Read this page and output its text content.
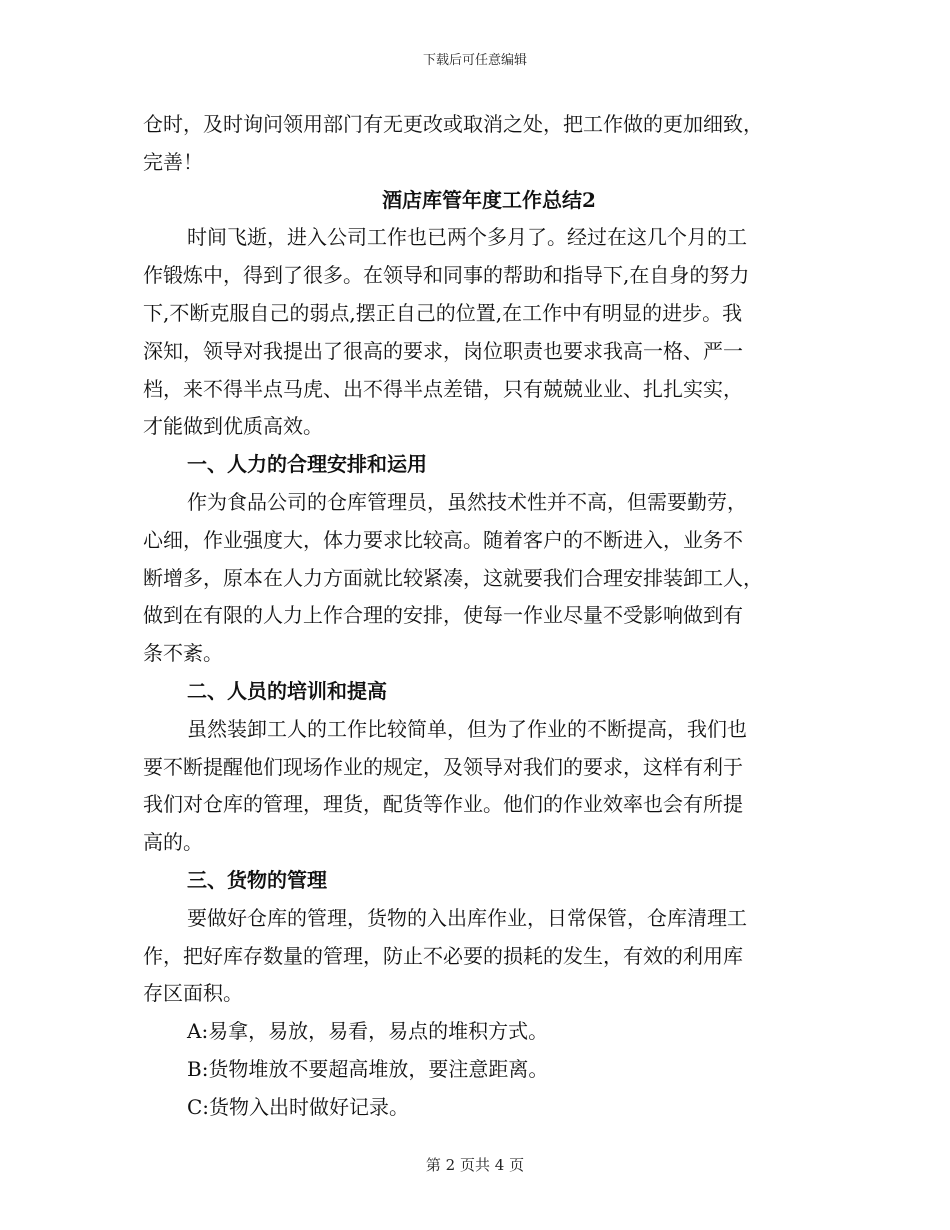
下载后可任意编辑
仓时，及时询问领用部门有无更改或取消之处，把工作做的更加细致，
完善！
酒店库管年度工作总结2
时间飞逝，进入公司工作也已两个多月了。经过在这几个月的工
作锻炼中，得到了很多。在领导和同事的帮助和指导下,在自身的努力
下,不断克服自己的弱点,摆正自己的位置,在工作中有明显的进步。我
深知，领导对我提出了很高的要求，岗位职责也要求我高一格、严一
档，来不得半点马虎、出不得半点差错，只有兢兢业业、扎扎实实，
才能做到优质高效。
一、人力的合理安排和运用
作为食品公司的仓库管理员，虽然技术性并不高，但需要勤劳，
心细，作业强度大，体力要求比较高。随着客户的不断进入，业务不
断增多，原本在人力方面就比较紧凑，这就要我们合理安排装卸工人，
做到在有限的人力上作合理的安排，使每一作业尽量不受影响做到有
条不紊。
二、人员的培训和提高
虽然装卸工人的工作比较简单，但为了作业的不断提高，我们也
要不断提醒他们现场作业的规定，及领导对我们的要求，这样有利于
我们对仓库的管理，理货，配货等作业。他们的作业效率也会有所提
高的。
三、货物的管理
要做好仓库的管理，货物的入出库作业，日常保管，仓库清理工
作，把好库存数量的管理，防止不必要的损耗的发生，有效的利用库
存区面积。
A:易拿，易放，易看，易点的堆积方式。
B:货物堆放不要超高堆放，要注意距离。
C:货物入出时做好记录。
第 2 页共 4 页
